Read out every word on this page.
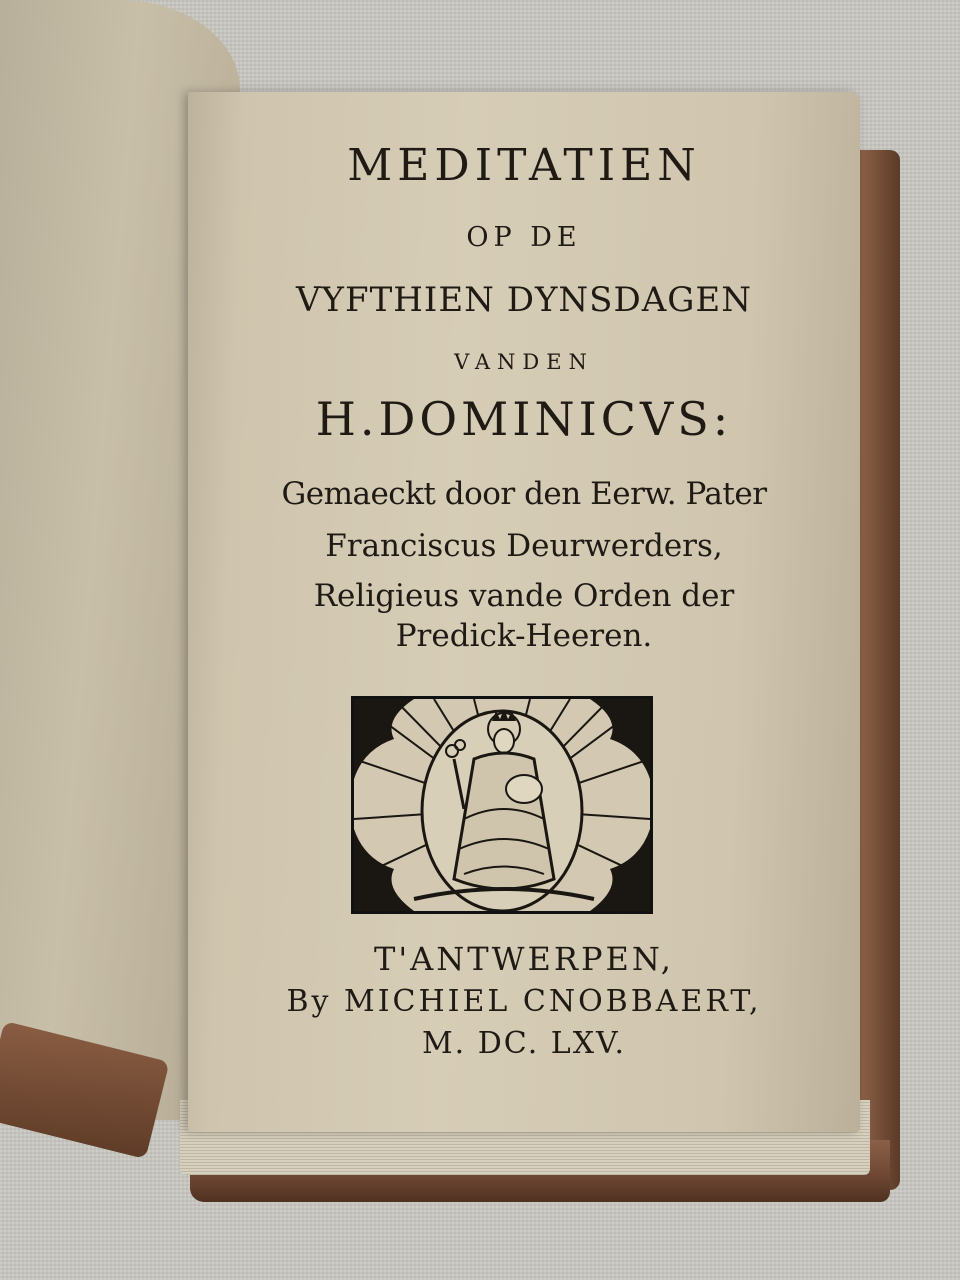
MEDITATIEN
OP DE
VYFTHIEN DYNSDAGEN
VANDEN
H.DOMINICVS:
Gemaeckt door den Eerw. Pater
Franciscus Deurwerders,
Religieus vande Orden der
Predick-Heeren.
T'ANTWERPEN,
By MICHIEL CNOBBAERT,
M. DC. LXV.
